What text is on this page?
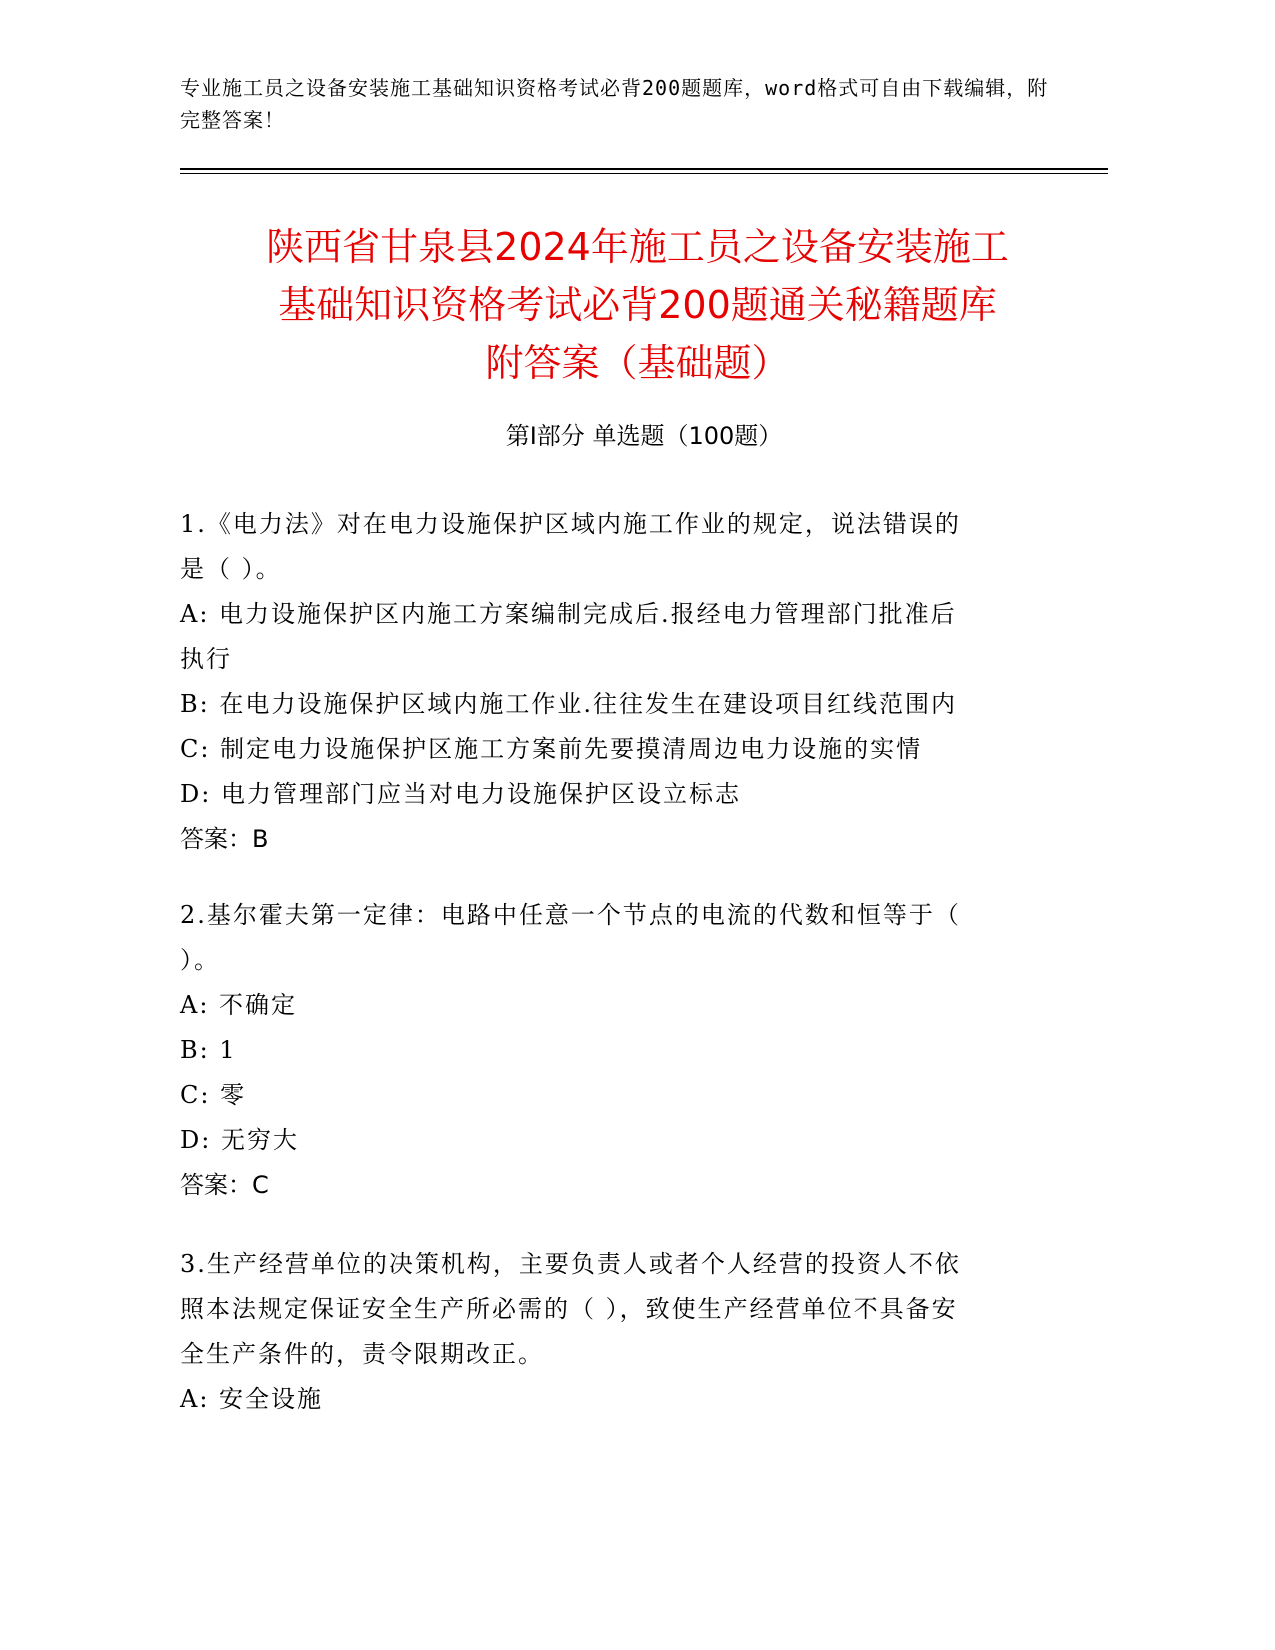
专业施工员之设备安装施工基础知识资格考试必背200题题库，word格式可自由下载编辑，附完整答案！
陕西省甘泉县2024年施工员之设备安装施工
基础知识资格考试必背200题通关秘籍题库
附答案（基础题）
第Ⅰ部分 单选题（100题）
1.《电力法》对在电力设施保护区域内施工作业的规定，说法错误的
是（ ）。
A: 电力设施保护区内施工方案编制完成后.报经电力管理部门批准后
执行
B: 在电力设施保护区域内施工作业.往往发生在建设项目红线范围内
C: 制定电力设施保护区施工方案前先要摸清周边电力设施的实情
D: 电力管理部门应当对电力设施保护区设立标志
答案：B
2.基尔霍夫第一定律：电路中任意一个节点的电流的代数和恒等于（
）。
A: 不确定
B: 1
C: 零
D: 无穷大
答案：C
3.生产经营单位的决策机构，主要负责人或者个人经营的投资人不依
照本法规定保证安全生产所必需的（ ），致使生产经营单位不具备安
全生产条件的，责令限期改正。
A: 安全设施
